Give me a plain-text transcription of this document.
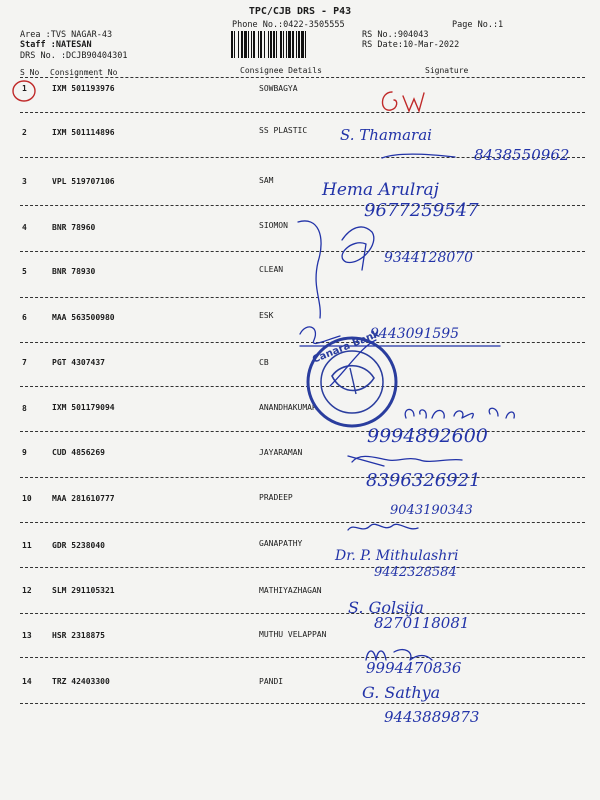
TPC/CJB DRS - P43
Phone No.:0422-3505555	Page No.:1
Area :TVS NAGAR-43
Staff :NATESAN
DRS No. :DCJB90404301
RS No.:904043
RS Date:10-Mar-2022
S No Consignment No	Consignee Details	Signature
1	IXM 501193976	SOWBAGYA
2	IXM 501114896	SS PLASTIC
3	VPL 519707106	SAM
4	BNR 78960	SIOMON
5	BNR 78930	CLEAN
6	MAA 563500980	ESK
7	PGT 4307437	CB
8	IXM 501179094	ANANDHAKUMAR
9	CUD 4856269	JAYARAMAN
10	MAA 281610777	PRADEEP
11	GDR 5238040	GANAPATHY
12	SLM 291105321	MATHIYAZHAGAN
13	HSR 2318875	MUTHU VELAPPAN
14	TRZ 42403300	PANDI
S. Thamarai
8438550962
Hema Arulraj
9677259547
9344128070
9443091595
Canara Bank
9994892600
8396326921
9043190343
Dr. P. Mithulashri
9442328584
S. Golsija
8270118081
9994470836
G. Sathya
9443889873
